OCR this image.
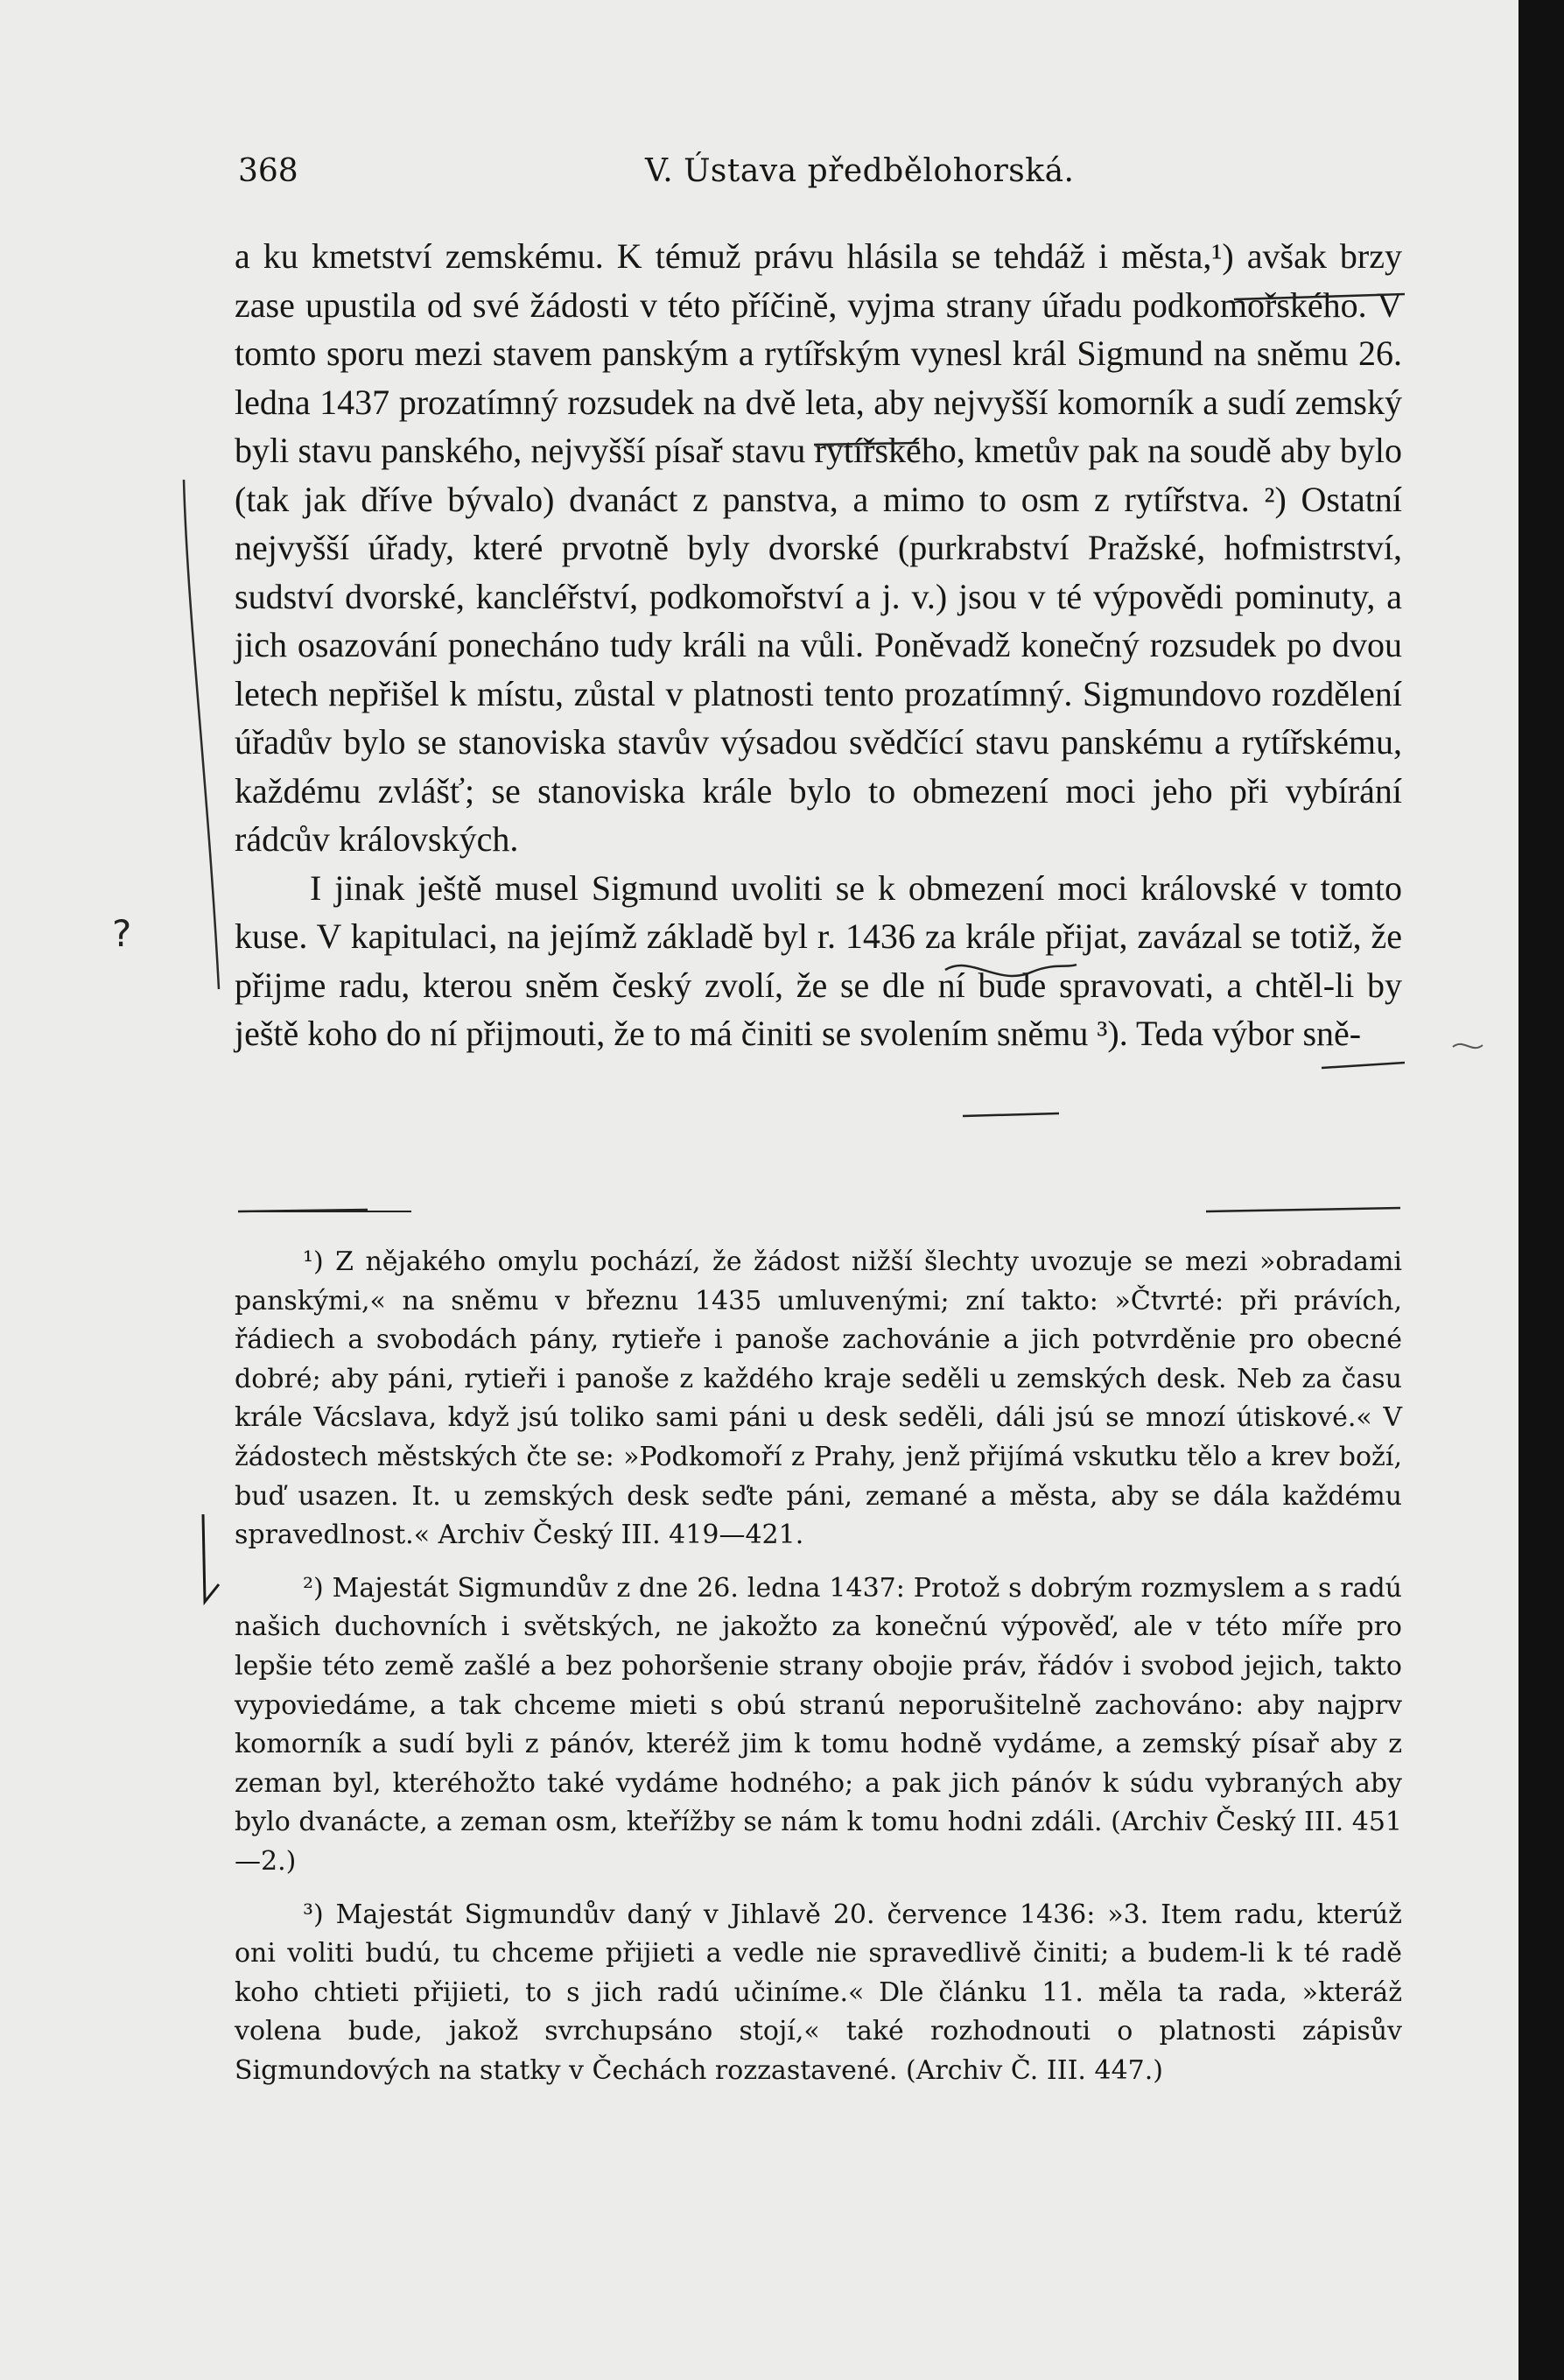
368	V. Ústava předbělohorská.

a ku kmetství zemskému. K témuž právu hlásila se tehdáž i města,¹) avšak brzy zase upustila od své žádosti v této příčině, vyjma strany úřadu podkomořského. V tomto sporu mezi stavem panským a rytířským vynesl král Sigmund na sněmu 26. ledna 1437 prozatímný rozsudek na dvě leta, aby nejvyšší komorník a sudí zemský byli stavu panského, nejvyšší písař stavu rytířského, kmetův pak na soudě aby bylo (tak jak dříve bývalo) dvanáct z panstva, a mimo to osm z rytířstva. ²) Ostatní nejvyšší úřady, které prvotně byly dvorské (purkrabství Pražské, hofmistrství, sudství dvorské, kancléřství, podkomořství a j. v.) jsou v té výpovědi pominuty, a jich osazování ponecháno tudy králi na vůli. Poněvadž konečný rozsudek po dvou letech nepřišel k místu, zůstal v platnosti tento prozatímný. Sigmundovo rozdělení úřadův bylo se stanoviska stavův výsadou svědčící stavu panskému a rytířskému, každému zvlášť; se stanoviska krále bylo to obmezení moci jeho při vybírání rádcův královských.

I jinak ještě musel Sigmund uvoliti se k obmezení moci královské v tomto kuse. V kapitulaci, na jejímž základě byl r. 1436 za krále přijat, zavázal se totiž, že přijme radu, kterou sněm český zvolí, že se dle ní bude spravovati, a chtěl-li by ještě koho do ní přijmouti, že to má činiti se svolením sněmu ³). Teda výbor sně-

¹) Z nějakého omylu pochází, že žádost nižší šlechty uvozuje se mezi »obradami panskými,« na sněmu v březnu 1435 umluvenými; zní takto: »Čtvrté: při právích, řádiech a svobodách pány, rytieře i panoše zachovánie a jich potvrděnie pro obecné dobré; aby páni, rytieři i panoše z každého kraje seděli u zemských desk. Neb za času krále Vácslava, když jsú toliko sami páni u desk seděli, dáli jsú se mnozí útiskové.« V žádostech městských čte se: »Podkomoří z Prahy, jenž přijímá vskutku tělo a krev boží, buď usazen. It. u zemských desk seďte páni, zemané a města, aby se dála každému spravedlnost.« Archiv Český III. 419—421.

²) Majestát Sigmundův z dne 26. ledna 1437: Protož s dobrým rozmyslem a s radú našich duchovních i světských, ne jakožto za konečnú výpověď, ale v této míře pro lepšie této země zašlé a bez pohoršenie strany obojie práv, řádóv i svobod jejich, takto vypoviedáme, a tak chceme mieti s obú stranú neporušitelně zachováno: aby najprv komorník a sudí byli z pánóv, kteréž jim k tomu hodně vydáme, a zemský písař aby z zeman byl, kteréhožto také vydáme hodného; a pak jich pánóv k súdu vybraných aby bylo dvanácte, a zeman osm, kteřížby se nám k tomu hodni zdáli. (Archiv Český III. 451—2.)

³) Majestát Sigmundův daný v Jihlavě 20. července 1436: »3. Item radu, kterúž oni voliti budú, tu chceme přijieti a vedle nie spravedlivě činiti; a budem-li k té radě koho chtieti přijieti, to s jich radú učiníme.« Dle článku 11. měla ta rada, »kteráž volena bude, jakož svrchupsáno stojí,« také rozhodnouti o platnosti zápisův Sigmundových na statky v Čechách rozzastavené. (Archiv Č. III. 447.)

?
